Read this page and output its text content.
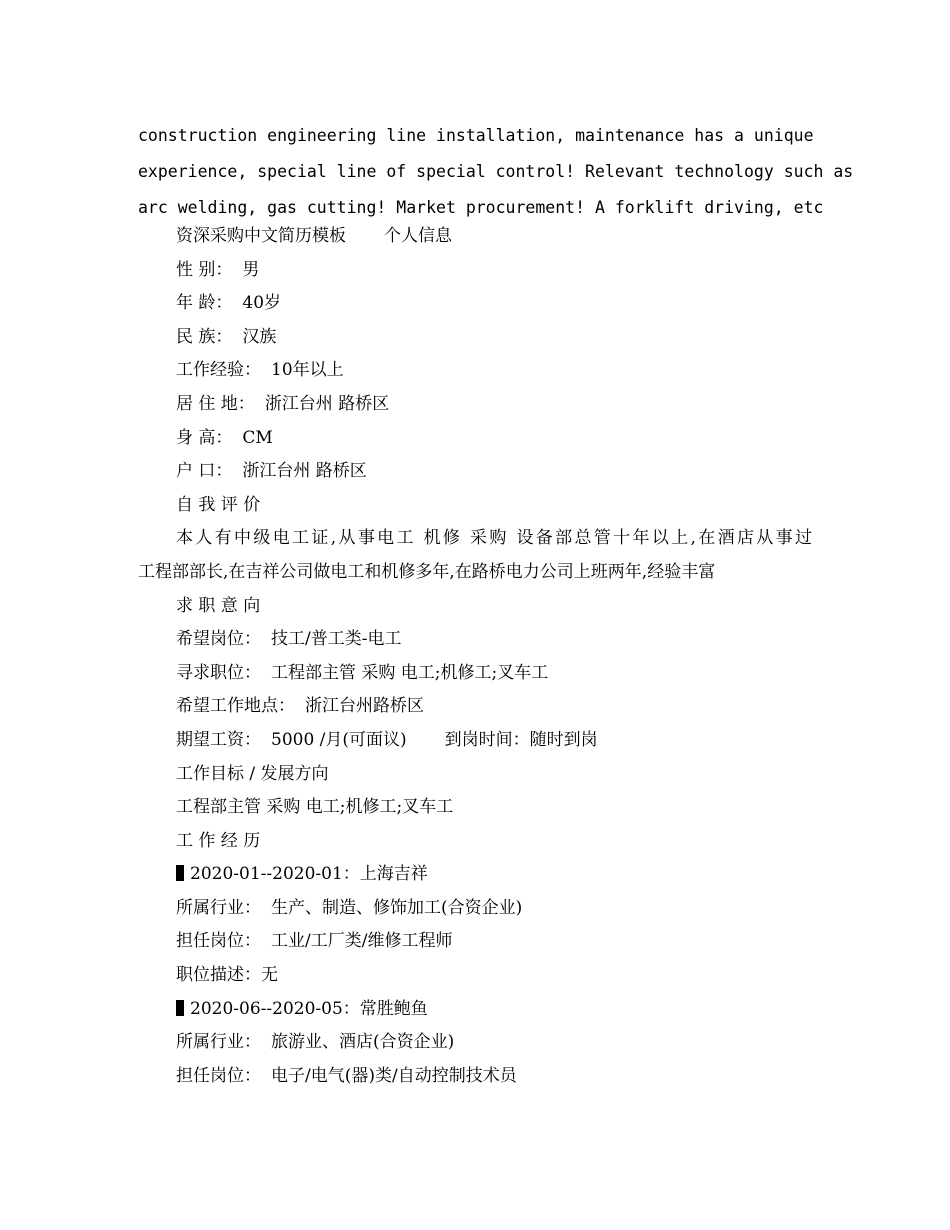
construction engineering line installation, maintenance has a unique
experience, special line of special control! Relevant technology such as
arc welding, gas cutting! Market procurement! A forklift driving, etc
资深采购中文简历模板 个人信息
性 别： 男
年 龄： 40岁
民 族： 汉族
工作经验： 10年以上
居 住 地： 浙江台州 路桥区
身 高： CM
户 口： 浙江台州 路桥区
自 我 评 价
本人有中级电工证,从事电工 机修 采购 设备部总管十年以上,在酒店从事过
工程部部长,在吉祥公司做电工和机修多年,在路桥电力公司上班两年,经验丰富
求 职 意 向
希望岗位： 技工/普工类-电工
寻求职位： 工程部主管 采购 电工;机修工;叉车工
希望工作地点： 浙江台州路桥区
期望工资： 5000 /月(可面议) 到岗时间：随时到岗
工作目标 / 发展方向
工程部主管 采购 电工;机修工;叉车工
工 作 经 历
2020-01--2020-01：上海吉祥
所属行业： 生产、制造、修饰加工(合资企业)
担任岗位： 工业/工厂类/维修工程师
职位描述：无
2020-06--2020-05：常胜鲍鱼
所属行业： 旅游业、酒店(合资企业)
担任岗位： 电子/电气(器)类/自动控制技术员
